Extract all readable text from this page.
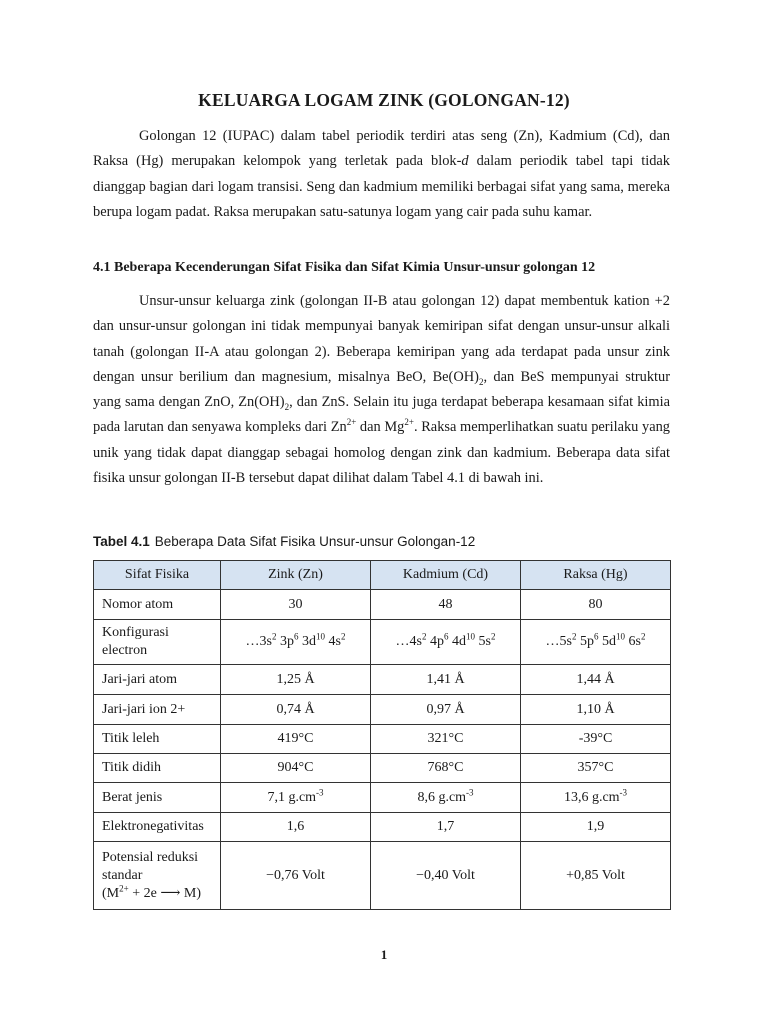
KELUARGA LOGAM ZINK (GOLONGAN-12)

Golongan 12 (IUPAC) dalam tabel periodik terdiri atas seng (Zn), Kadmium (Cd), dan Raksa (Hg) merupakan kelompok yang terletak pada blok-d dalam periodik tabel tapi tidak dianggap bagian dari logam transisi. Seng dan kadmium memiliki berbagai sifat yang sama, mereka berupa logam padat. Raksa merupakan satu-satunya logam yang cair pada suhu kamar.

4.1 Beberapa Kecenderungan Sifat Fisika dan Sifat Kimia Unsur-unsur golongan 12

Unsur-unsur keluarga zink (golongan II-B atau golongan 12) dapat membentuk kation +2 dan unsur-unsur golongan ini tidak mempunyai banyak kemiripan sifat dengan unsur-unsur alkali tanah (golongan II-A atau golongan 2). Beberapa kemiripan yang ada terdapat pada unsur zink dengan unsur berilium dan magnesium, misalnya BeO, $Be(OH)_2$, dan BeS mempunyai struktur yang sama dengan ZnO, $Zn(OH)_2$, dan ZnS. Selain itu juga terdapat beberapa kesamaan sifat kimia pada larutan dan senyawa kompleks dari $Zn^{2+}$ dan $Mg^{2+}$. Raksa memperlihatkan suatu perilaku yang unik yang tidak dapat dianggap sebagai homolog dengan zink dan kadmium. Beberapa data sifat fisika unsur golongan II-B tersebut dapat dilihat dalam Tabel 4.1 di bawah ini.

Tabel 4.1 Beberapa Data Sifat Fisika Unsur-unsur Golongan-12
Sifat Fisika	Zink (Zn)	Kadmium (Cd)	Raksa (Hg)
Nomor atom	30	48	80
Konfigurasi electron	$\dots 3s^2$ $3p^6$ $3d^{10}$ $4s^2$	$\dots 4s^2$ $4p^6$ $4d^{10}$ $5s^2$	$\dots 5s^2$ $5p^6$ $5d^{10}$ $6s^2$
Jari-jari atom	1,25 Å	1,41 Å	1,44 Å
Jari-jari ion 2+	0,74 Å	0,97 Å	1,10 Å
Titik leleh	419°C	321°C	-39°C
Titik didih	904°C	768°C	357°C
Berat jenis	7,1 $g.cm^{-3}$	8,6 $g.cm^{-3}$	13,6 $g.cm^{-3}$
Elektronegativitas	1,6	1,7	1,9
Potensial reduksi standar
($M^{2+} + 2e$ ⟶ M)	−0,76 Volt	−0,40 Volt	+0,85 Volt
1
